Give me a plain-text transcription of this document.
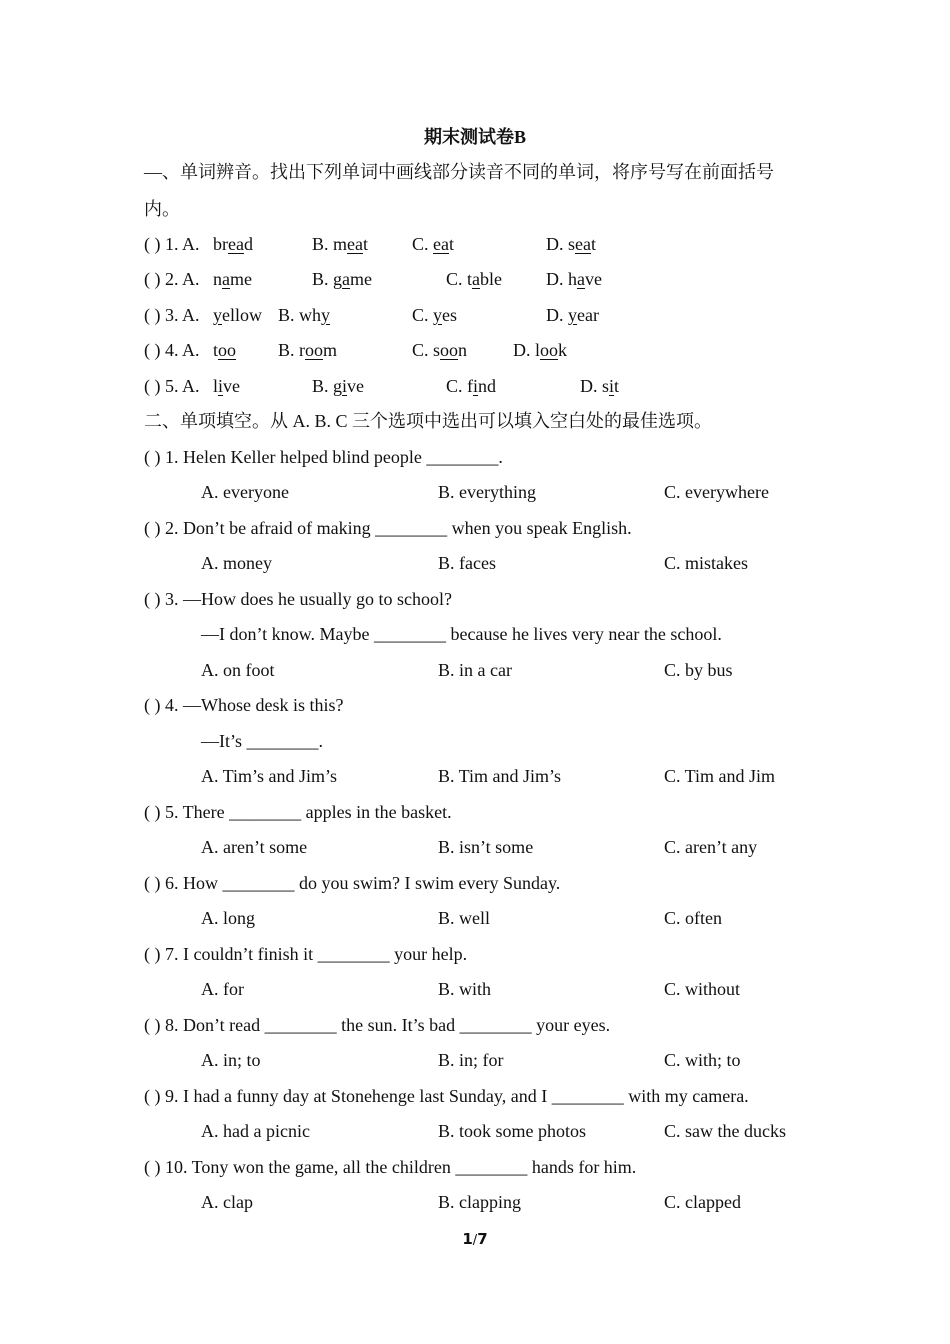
期末测试卷B
—、单词辨音。找出下列单词中画线部分读音不同的单词，将序号写在前面括号
内。
( ) 1. A. bread	B. meat C. eat	D. seat
( ) 2. A. name	B. game	C. table D. have
( ) 3. A. yellow B. why	C. yes	D. year
( ) 4. A. too B. room	C. soon	D. look
( ) 5. A. live	B. give	C. find	D. sit
二、单项填空。从 A. B. C 三个选项中选出可以填入空白处的最佳选项。
( ) 1. Helen Keller helped blind people ________.
A. everyone	B. everything	C. everywhere
( ) 2. Don’t be afraid of making ________ when you speak English.
A. money	B. faces	C. mistakes
( ) 3. —How does he usually go to school?
—I don’t know. Maybe ________ because he lives very near the school.
A. on foot	B. in a car	C. by bus
( ) 4. —Whose desk is this?
—It’s ________.
A. Tim’s and Jim’s	B. Tim and Jim’s	C. Tim and Jim
( ) 5. There ________ apples in the basket.
A. aren’t some	B. isn’t some	C. aren’t any
( ) 6. How ________ do you swim? I swim every Sunday.
A. long	B. well	C. often
( ) 7. I couldn’t finish it ________ your help.
A. for	B. with	C. without
( ) 8. Don’t read ________ the sun. It’s bad ________ your eyes.
A. in; to	B. in; for	C. with; to
( ) 9. I had a funny day at Stonehenge last Sunday, and I ________ with my camera.
A. had a picnic	B. took some photos	C. saw the ducks
( ) 10. Tony won the game, all the children ________ hands for him.
A. clap	B. clapping	C. clapped
1/7
